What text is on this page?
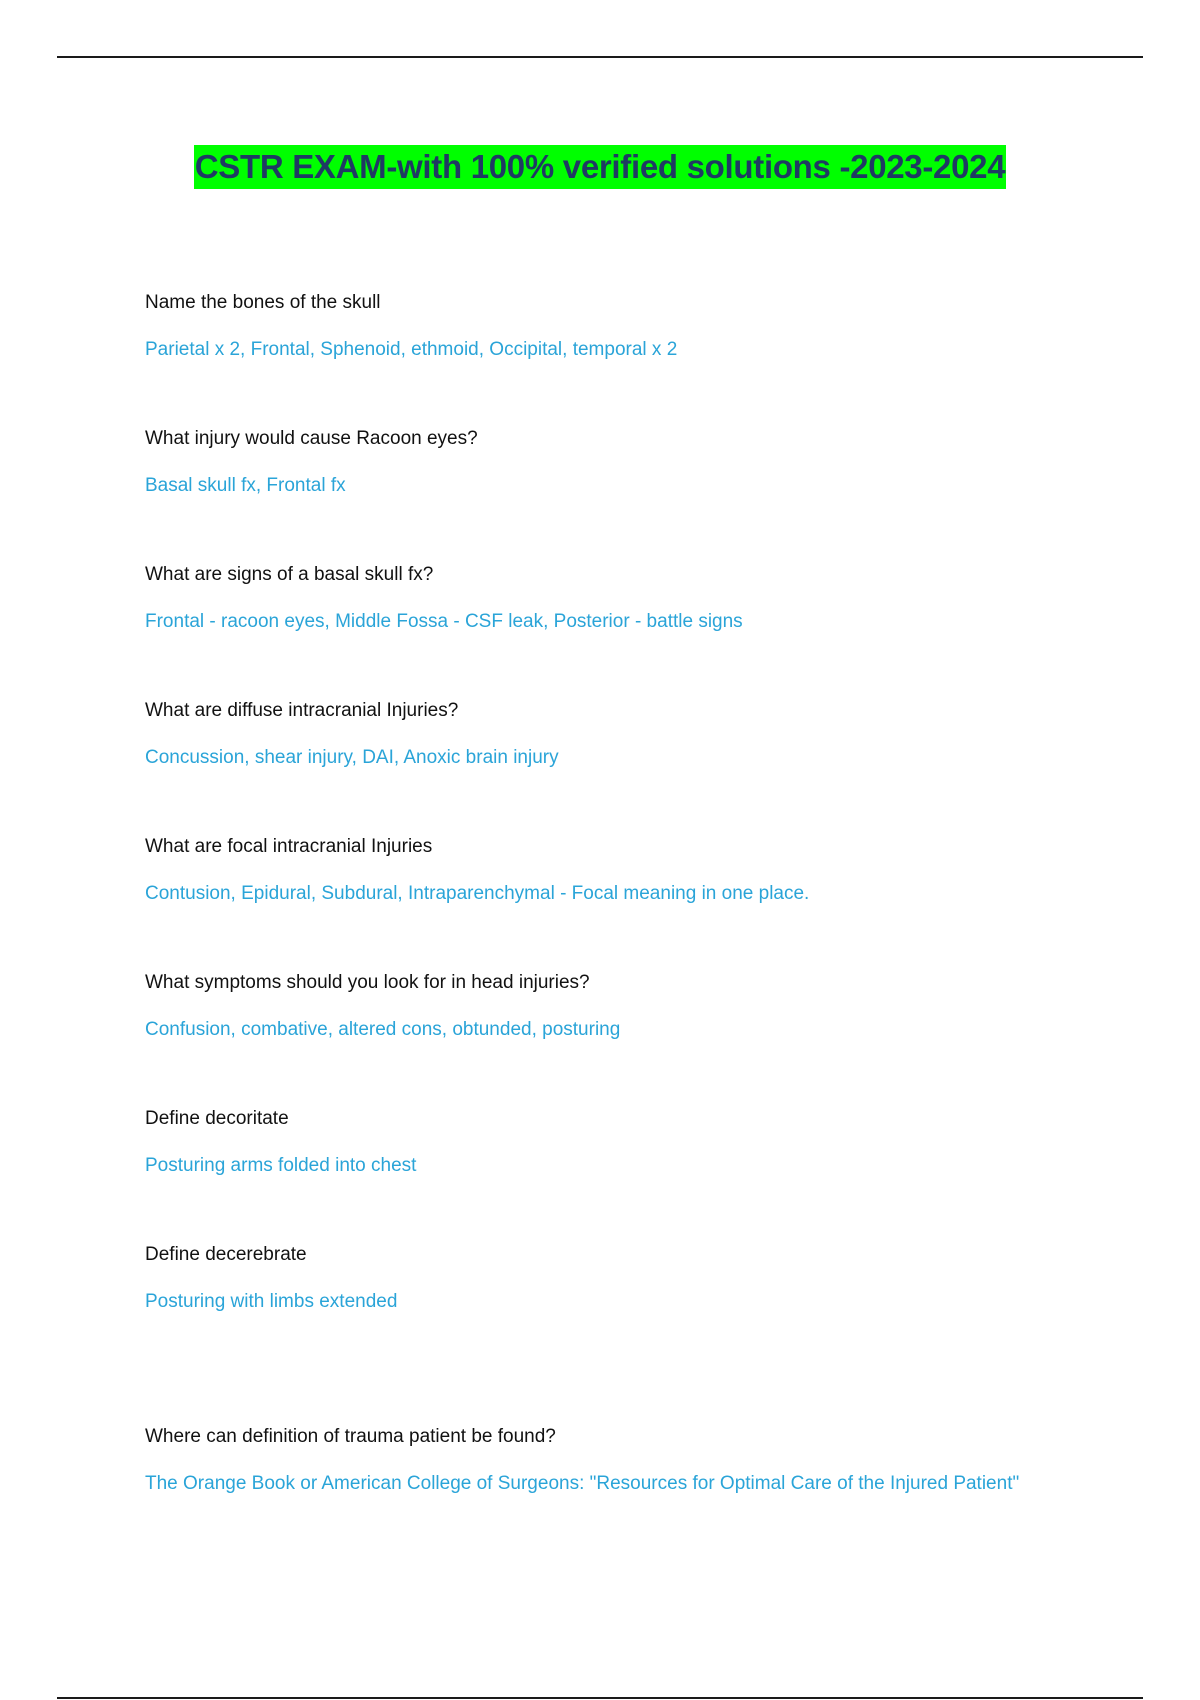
CSTR EXAM-with 100% verified solutions -2023-2024

Name the bones of the skull

Parietal x 2, Frontal, Sphenoid, ethmoid, Occipital, temporal x 2

What injury would cause Racoon eyes?

Basal skull fx, Frontal fx

What are signs of a basal skull fx?

Frontal - racoon eyes, Middle Fossa - CSF leak, Posterior - battle signs

What are diffuse intracranial Injuries?

Concussion, shear injury, DAI, Anoxic brain injury

What are focal intracranial Injuries

Contusion, Epidural, Subdural, Intraparenchymal - Focal meaning in one place.

What symptoms should you look for in head injuries?

Confusion, combative, altered cons, obtunded, posturing

Define decoritate

Posturing arms folded into chest

Define decerebrate

Posturing with limbs extended

Where can definition of trauma patient be found?

The Orange Book or American College of Surgeons: "Resources for Optimal Care of the Injured Patient"
